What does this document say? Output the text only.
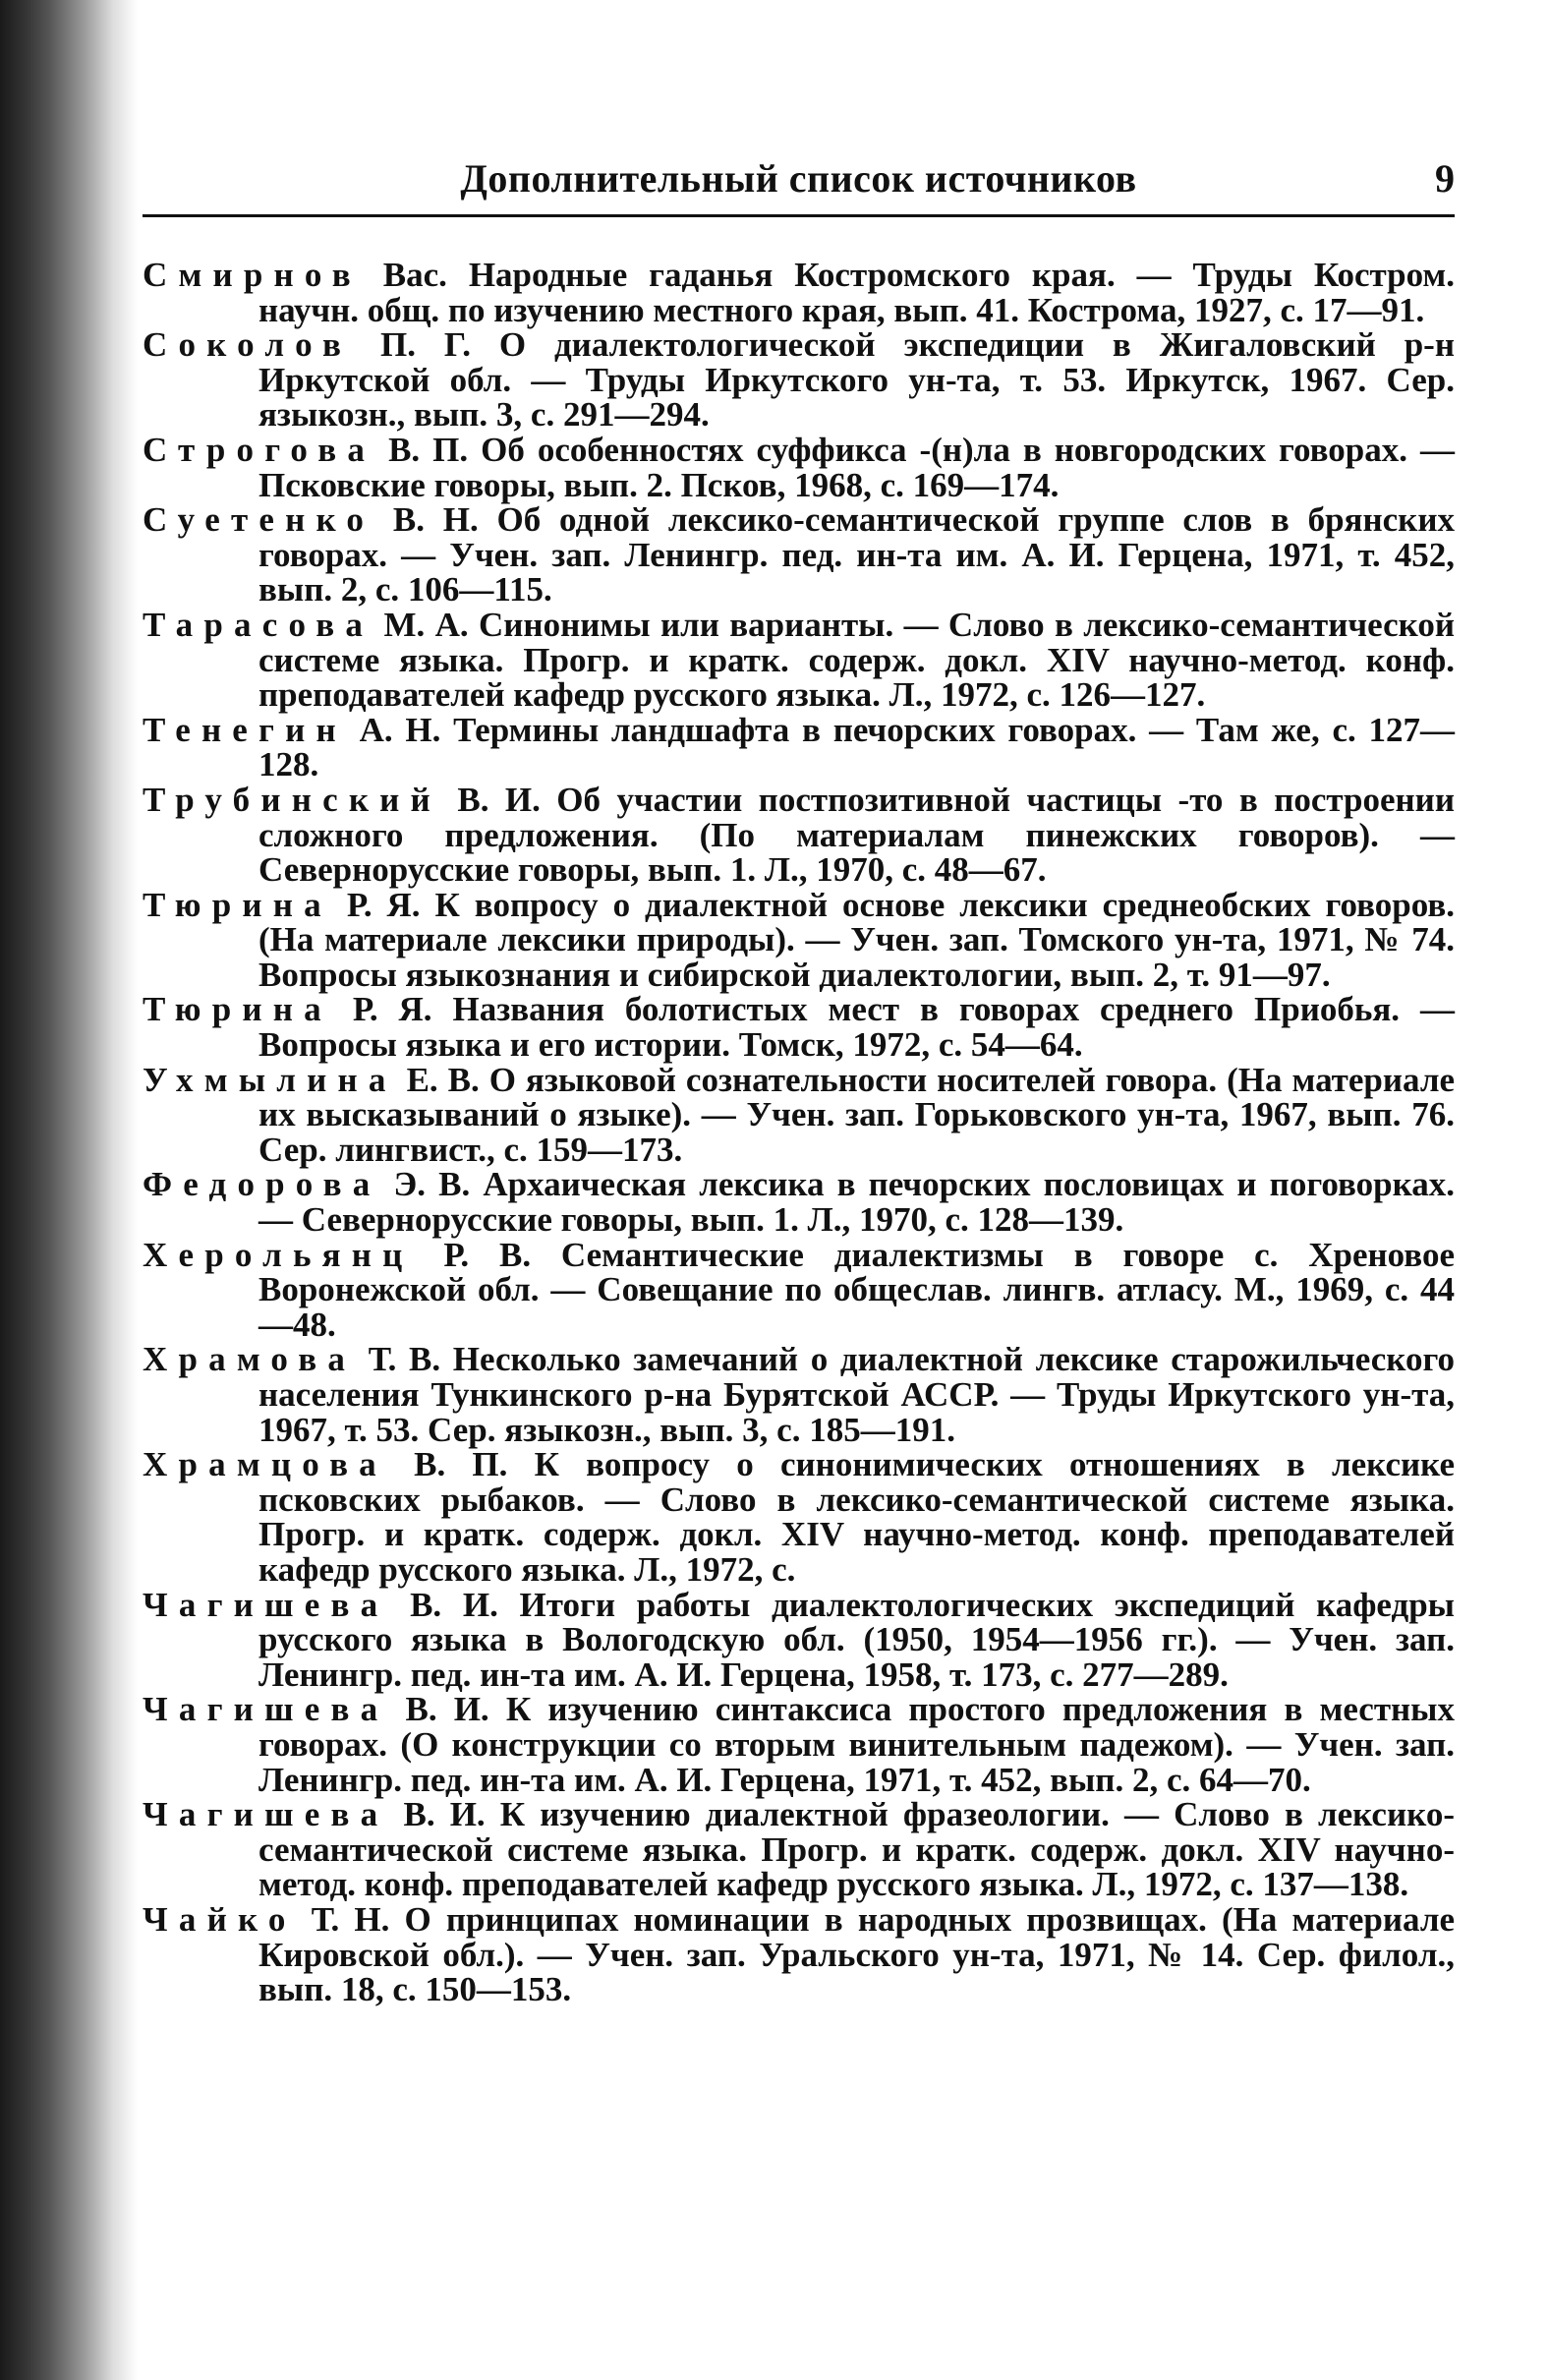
Дополнительный список источников	9
Смирнов Вас. Народные гаданья Костромского края. — Труды Костром. научн. общ. по изучению местного края, вып. 41. Кострома, 1927, с. 17—91.
Соколов П. Г. О диалектологической экспедиции в Жигаловский р-н Иркутской обл. — Труды Иркутского ун-та, т. 53. Иркутск, 1967. Сер. языкозн., вып. 3, с. 291—294.
Строгова В. П. Об особенностях суффикса -(н)ла в новгородских говорах. — Псковские говоры, вып. 2. Псков, 1968, с. 169—174.
Суетенко В. Н. Об одной лексико-семантической группе слов в брянских говорах. — Учен. зап. Ленингр. пед. ин-та им. А. И. Герцена, 1971, т. 452, вып. 2, с. 106—115.
Тарасова М. А. Синонимы или варианты. — Слово в лексико-семантической системе языка. Прогр. и кратк. содерж. докл. XIV научно-метод. конф. преподавателей кафедр русского языка. Л., 1972, с. 126—127.
Тенегин А. Н. Термины ландшафта в печорских говорах. — Там же, с. 127—128.
Трубинский В. И. Об участии постпозитивной частицы -то в построении сложного предложения. (По материалам пинежских говоров). — Севернорусские говоры, вып. 1. Л., 1970, с. 48—67.
Тюрина Р. Я. К вопросу о диалектной основе лексики среднеобских говоров. (На материале лексики природы). — Учен. зап. Томского ун-та, 1971, № 74. Вопросы языкознания и сибирской диалектологии, вып. 2, т. 91—97.
Тюрина Р. Я. Названия болотистых мест в говорах среднего Приобья. — Вопросы языка и его истории. Томск, 1972, с. 54—64.
Ухмылина Е. В. О языковой сознательности носителей говора. (На материале их высказываний о языке). — Учен. зап. Горьковского ун-та, 1967, вып. 76. Сер. лингвист., с. 159—173.
Федорова Э. В. Архаическая лексика в печорских пословицах и поговорках. — Севернорусские говоры, вып. 1. Л., 1970, с. 128—139.
Херольянц Р. В. Семантические диалектизмы в говоре с. Хреновое Воронежской обл. — Совещание по общеслав. лингв. атласу. М., 1969, с. 44—48.
Храмова Т. В. Несколько замечаний о диалектной лексике старожильческого населения Тункинского р-на Бурятской АССР. — Труды Иркутского ун-та, 1967, т. 53. Сер. языкозн., вып. 3, с. 185—191.
Храмцова В. П. К вопросу о синонимических отношениях в лексике псковских рыбаков. — Слово в лексико-семантической системе языка. Прогр. и кратк. содерж. докл. XIV научно-метод. конф. преподавателей кафедр русского языка. Л., 1972, с.
Чагишева В. И. Итоги работы диалектологических экспедиций кафедры русского языка в Вологодскую обл. (1950, 1954—1956 гг.). — Учен. зап. Ленингр. пед. ин-та им. А. И. Герцена, 1958, т. 173, с. 277—289.
Чагишева В. И. К изучению синтаксиса простого предложения в местных говорах. (О конструкции со вторым винительным падежом). — Учен. зап. Ленингр. пед. ин-та им. А. И. Герцена, 1971, т. 452, вып. 2, с. 64—70.
Чагишева В. И. К изучению диалектной фразеологии. — Слово в лексико-семантической системе языка. Прогр. и кратк. содерж. докл. XIV научно-метод. конф. преподавателей кафедр русского языка. Л., 1972, с. 137—138.
Чайко Т. Н. О принципах номинации в народных прозвищах. (На материале Кировской обл.). — Учен. зап. Уральского ун-та, 1971, № 14. Сер. филол., вып. 18, с. 150—153.
